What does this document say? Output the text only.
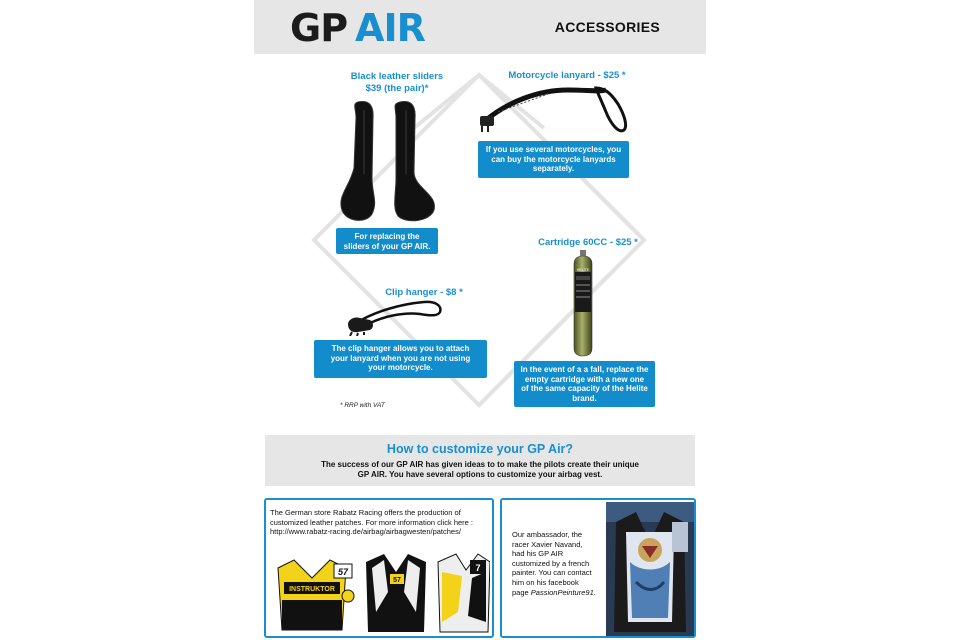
GP AIR	ACCESSORIES
Black leather sliders
$39 (the pair)*
For replacing the
sliders of your GP AIR.
Motorcycle lanyard - $25 *
If you use several motorcycles, you
can buy the motorcycle lanyards
separately.
Cartridge 60CC - $25 *
HELITE
In the event of a a fall, replace the
empty cartridge with a new one
of the same capacity of the Helite
brand.
Clip hanger - $8 *
The clip hanger allows you to attach
your lanyard when you are not using
your motorcycle.
* RRP with VAT
How to customize your GP Air?
The success of our GP AIR has given ideas to to make the pilots create their unique
GP AIR. You have several options to customize your airbag vest.
The German store Rabatz Racing offers the production of
customized leather patches. For more information click here :
http://www.rabatz-racing.de/airbag/airbagwesten/patches/
INSTRUKTOR
57
57
7
Our ambassador, the
racer Xavier Navand,
had his GP AIR
customized by a french
painter. You can contact
him on his facebook
page PassionPeinture91.
